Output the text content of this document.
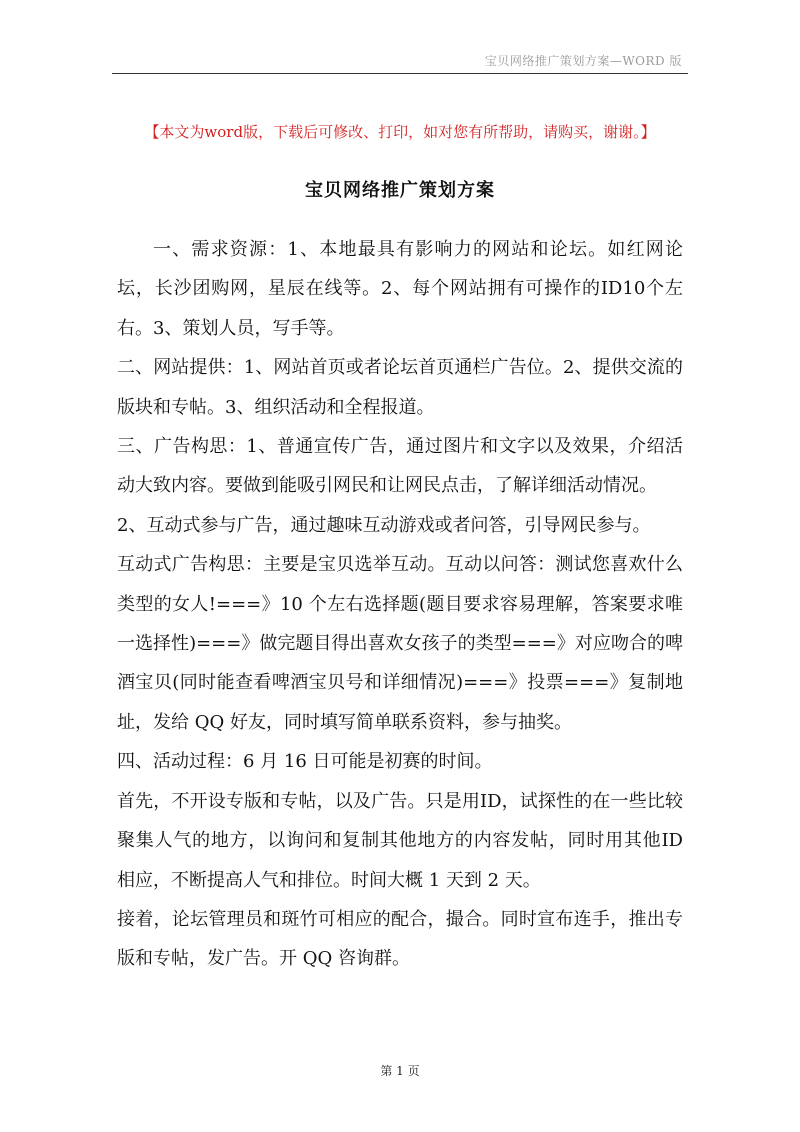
宝贝网络推广策划方案—WORD 版
【本文为word版，下载后可修改、打印，如对您有所帮助，请购买，谢谢。】
宝贝网络推广策划方案

一、需求资源：1、本地最具有影响力的网站和论坛。如红网论坛，长沙团购网，星辰在线等。2、每个网站拥有可操作的ID10个左右。3、策划人员，写手等。

二、网站提供：1、网站首页或者论坛首页通栏广告位。2、提供交流的版块和专帖。3、组织活动和全程报道。

三、广告构思：1、普通宣传广告，通过图片和文字以及效果，介绍活动大致内容。要做到能吸引网民和让网民点击，了解详细活动情况。

2、互动式参与广告，通过趣味互动游戏或者问答，引导网民参与。

互动式广告构思：主要是宝贝选举互动。互动以问答：测试您喜欢什么类型的女人!===》10 个左右选择题(题目要求容易理解，答案要求唯一选择性)===》做完题目得出喜欢女孩子的类型===》对应吻合的啤酒宝贝(同时能查看啤酒宝贝号和详细情况)===》投票===》复制地址，发给 QQ 好友，同时填写简单联系资料，参与抽奖。

四、活动过程：6 月 16 日可能是初赛的时间。

首先，不开设专版和专帖，以及广告。只是用ID，试探性的在一些比较聚集人气的地方，以询问和复制其他地方的内容发帖，同时用其他ID 相应，不断提高人气和排位。时间大概 1 天到 2 天。

接着，论坛管理员和斑竹可相应的配合，撮合。同时宣布连手，推出专版和专帖，发广告。开 QQ 咨询群。

第 1 页
